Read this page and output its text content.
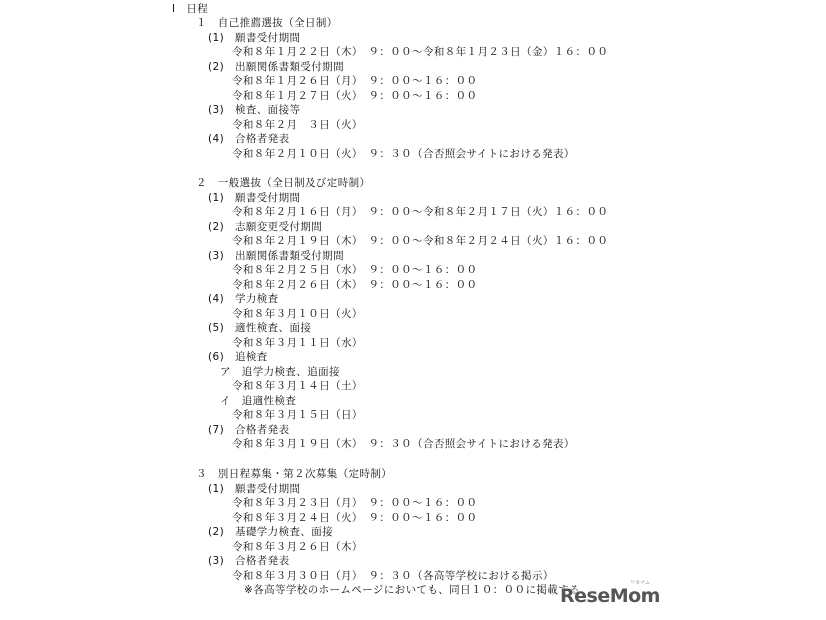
Ⅰ　日程
１　自己推薦選抜（全日制）
(1)　願書受付期間
令和８年１月２２日（木）　９：００～令和８年１月２３日（金）１６：００
(2)　出願関係書類受付期間
令和８年１月２６日（月）　９：００～１６：００
令和８年１月２７日（火）　９：００～１６：００
(3)　検査、面接等
令和８年２月　３日（火）
(4)　合格者発表
令和８年２月１０日（火）　９：３０（合否照会サイトにおける発表）
２　一般選抜（全日制及び定時制）
(1)　願書受付期間
令和８年２月１６日（月）　９：００～令和８年２月１７日（火）１６：００
(2)　志願変更受付期間
令和８年２月１９日（木）　９：００～令和８年２月２４日（火）１６：００
(3)　出願関係書類受付期間
令和８年２月２５日（水）　９：００～１６：００
令和８年２月２６日（木）　９：００～１６：００
(4)　学力検査
令和８年３月１０日（火）
(5)　適性検査、面接
令和８年３月１１日（水）
(6)　追検査
ア　追学力検査、追面接
令和８年３月１４日（土）
イ　追適性検査
令和８年３月１５日（日）
(7)　合格者発表
令和８年３月１９日（木）　９：３０（合否照会サイトにおける発表）
３　別日程募集・第２次募集（定時制）
(1)　願書受付期間
令和８年３月２３日（月）　９：００～１６：００
令和８年３月２４日（火）　９：００～１６：００
(2)　基礎学力検査、面接
令和８年３月２６日（木）
(3)　合格者発表
令和８年３月３０日（月）　９：３０（各高等学校における掲示）
※各高等学校のホームページにおいても、同日１０：００に掲載する
ReseMom
リセマム
